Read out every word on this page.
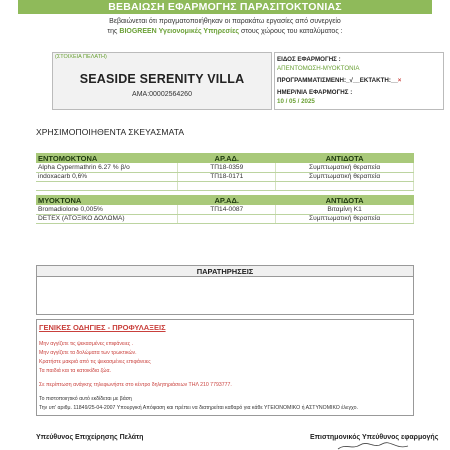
ΒΕΒΑΙΩΣΗ ΕΦΑΡΜΟΓΗΣ ΠΑΡΑΣΙΤΟΚΤΟΝΙΑΣ
Βεβαιώνεται ότι πραγματοποιήθηκαν οι παρακάτω εργασίες από συνεργείο
της BIOGREEN Υγειονομικές Υπηρεσίες στους χώρους του καταλύματος :
(ΣΤΟΙΧΕΙΑ ΠΕΛΑΤΗ)
SEASIDE SERENITY VILLA
ΑΜΑ:00002564260
ΕΙΔΟΣ ΕΦΑΡΜΟΓΗΣ :
ΑΠΕΝΤΟΜΩΣΗ-ΜΥΟΚΤΟΝΙΑ
ΠΡΟΓΡΑΜΜΑΤΙΣΜΕΝΗ:_√__ΕΚΤΑΚΤΗ:__×
ΗΜΕΡ/ΝΙΑ ΕΦΑΡΜΟΓΗΣ :
10 / 05 / 2025
ΧΡΗΣΙΜΟΠΟΙΗΘΕΝΤΑ ΣΚΕΥΑΣΜΑΤΑ
ΕΝΤΟΜΟΚΤΟΝΑ	ΑΡ.ΑΔ.	ΑΝΤΙΔΟΤΑ
Alpha Cypermathrin 6.27 % β/ο	ΤΠ18-0359	Συμπτωματική θεραπεία
indoxacarb 0,6%	ΤΠ18-0171	Συμπτωματική θεραπεία

ΜΥΟΚΤΟΝΑ	ΑΡ.ΑΔ.	ΑΝΤΙΔΟΤΑ
Bromadiolone 0,005%	ΤΠ14-0087	Βιταμίνη Κ1
DETEX (ΑΤΟΞΙΚΟ ΔΟΛΩΜΑ)		Συμπτωματική θεραπεία
ΠΑΡΑΤΗΡΗΣΕΙΣ
ΓΕΝΙΚΕΣ ΟΔΗΓΙΕΣ - ΠΡΟΦΥΛΑΞΕΙΣ
Μην αγγίζετε τις ψεκασμένες επιφάνειες .
Μην αγγίζετε τα δολώματα των τρωκτικών.
Κρατήστε μακριά από τις ψεκασμένες επιφάνειες
Τα παιδιά και τα κατοικίδια ζώα.
Σε περίπτωση ανάγκης τηλεφωνήστε στο κέντρο δηλητηριάσεων ΤΗΛ 210 7793777.
Το πιστοποιητικό αυτό εκδίδεται με βάση
Την υπ' αριθμ. 11849/25-04-2007 Υπουργική Απόφαση και πρέπει να διατηρείται καθαρό για κάθε ΥΓΕΙΟΝΟΜΙΚΟ ή ΑΣΤΥΝΟΜΙΚΟ έλεγχο.
Υπεύθυνος Επιχείρησης Πελάτη	Επιστημονικός Υπεύθυνος εφαρμογής
